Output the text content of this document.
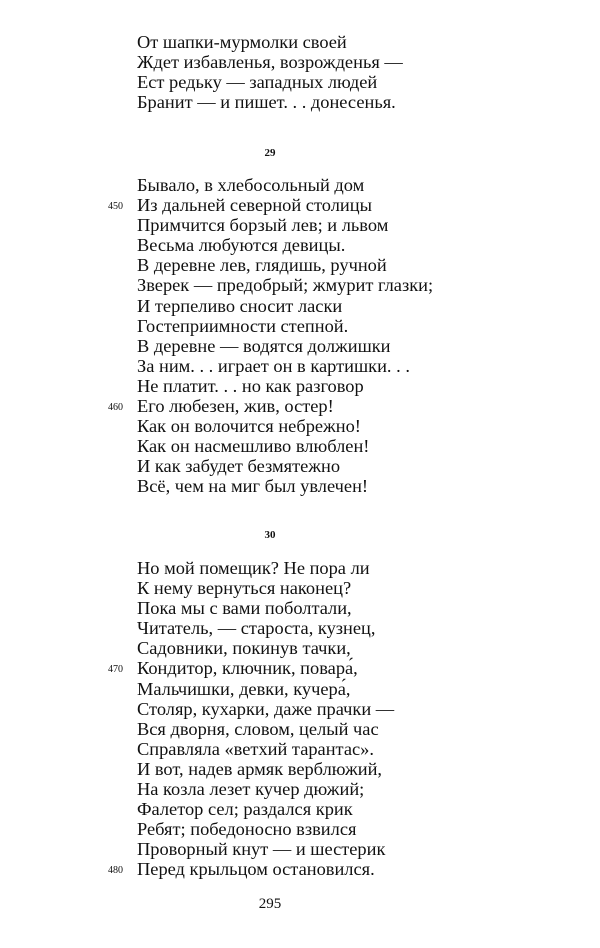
От шапки-мурмолки своей
Ждет избавленья, возрожденья —
Ест редьку — западных людей
Бранит — и пишет. . . донесенья.
29
Бывало, в хлебосольный дом
450 Из дальней северной столицы
Примчится борзый лев; и львом
Весьма любуются девицы.
В деревне лев, глядишь, ручной
Зверек — предобрый; жмурит глазки;
И терпеливо сносит ласки
Гостеприимности степной.
В деревне — водятся должишки
За ним. . . играет он в картишки. . .
Не платит. . . но как разговор
460 Его любезен, жив, остер!
Как он волочится небрежно!
Как он насмешливо влюблен!
И как забудет безмятежно
Всё, чем на миг был увлечен!
30
Но мой помещик? Не пора ли
К нему вернуться наконец?
Пока мы с вами поболтали,
Читатель, — староста, кузнец,
Садовники, покинув тачки,
470 Кондитор, ключник, повара́,
Мальчишки, девки, кучера́,
Столяр, кухарки, даже прачки —
Вся дворня, словом, целый час
Справляла «ветхий тарантас».
И вот, надев армяк верблюжий,
На козла лезет кучер дюжий;
Фалетор сел; раздался крик
Ребят; победоносно взвился
Проворный кнут — и шестерик
480 Перед крыльцом остановился.
295
